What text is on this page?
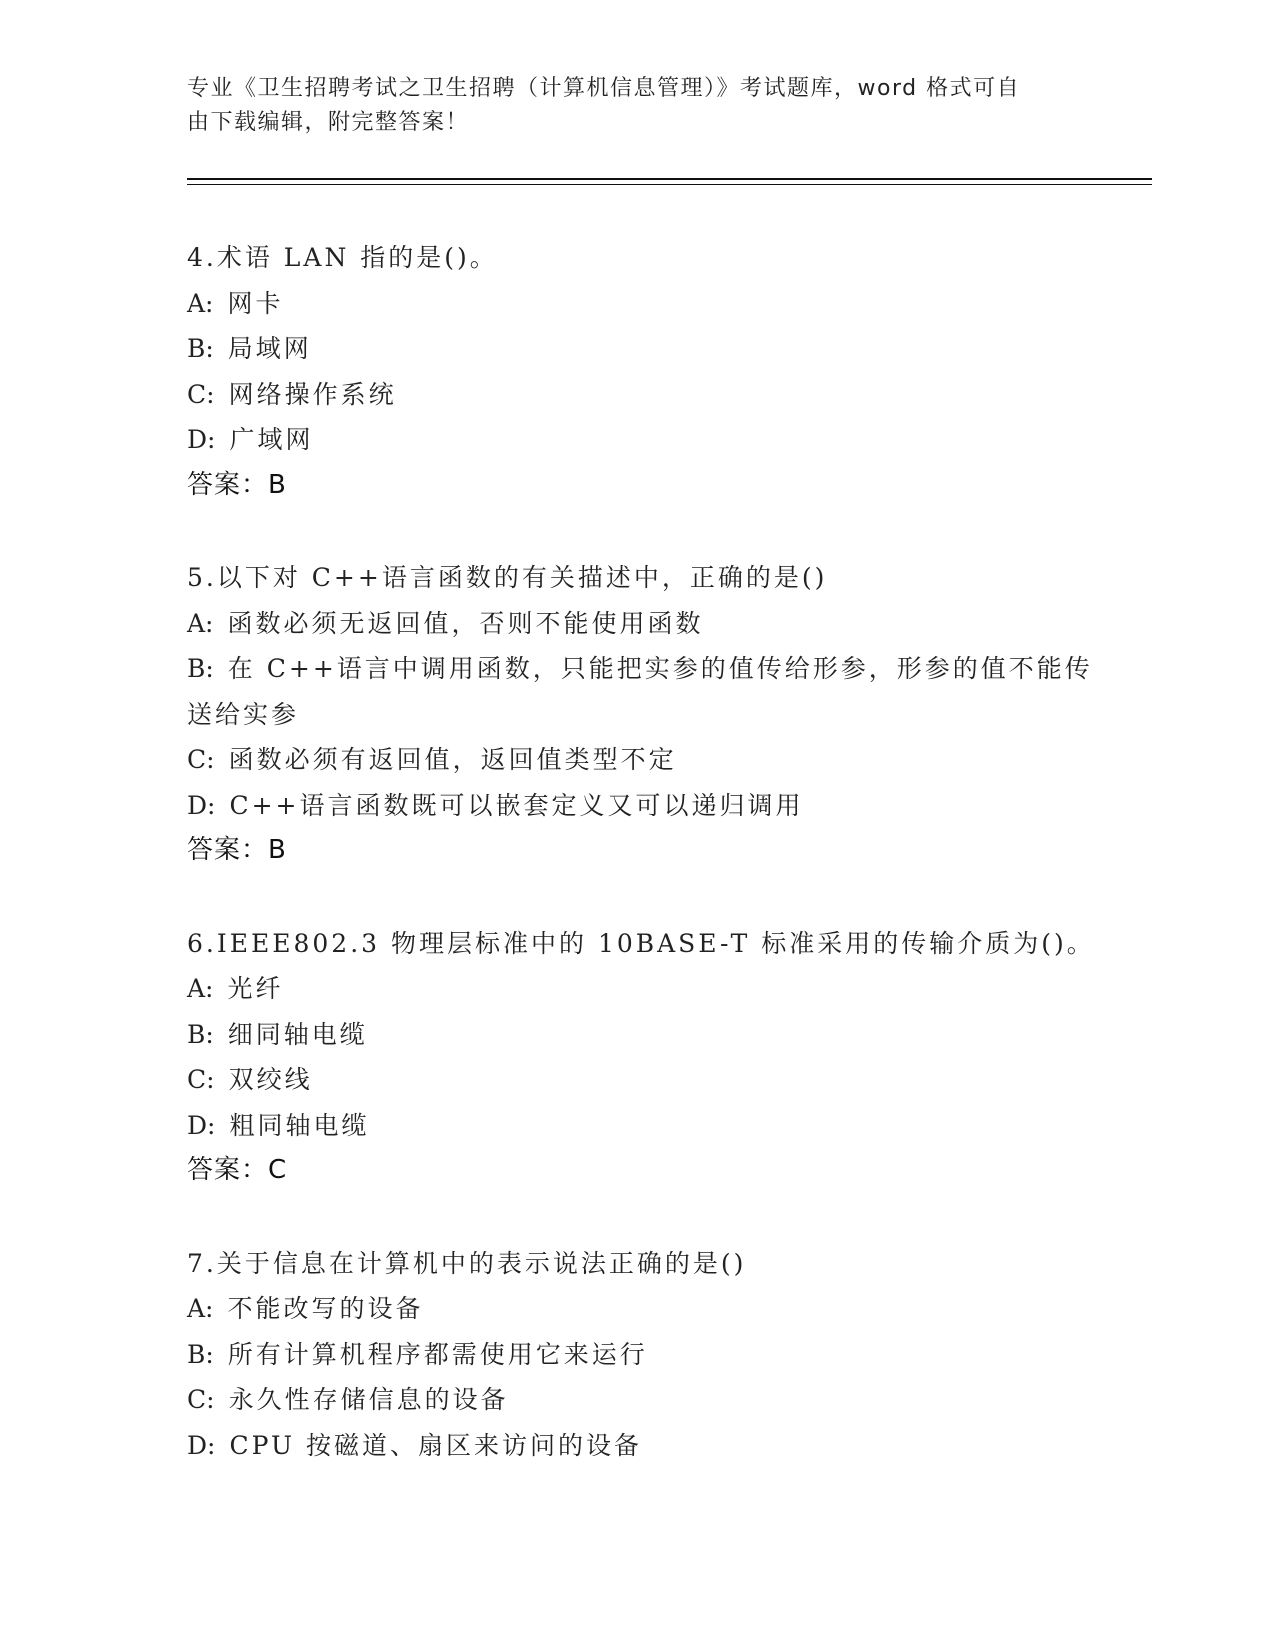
专业《卫生招聘考试之卫生招聘（计算机信息管理）》考试题库，word 格式可自
由下载编辑，附完整答案！
4.术语 LAN 指的是()。
A: 网卡
B: 局域网
C: 网络操作系统
D: 广域网
答案：B
5.以下对 C++语言函数的有关描述中，正确的是()
A: 函数必须无返回值，否则不能使用函数
B: 在 C++语言中调用函数，只能把实参的值传给形参，形参的值不能传送给实参
C: 函数必须有返回值，返回值类型不定
D: C++语言函数既可以嵌套定义又可以递归调用
答案：B
6.IEEE802.3 物理层标准中的 10BASE-T 标准采用的传输介质为()。
A: 光纤
B: 细同轴电缆
C: 双绞线
D: 粗同轴电缆
答案：C
7.关于信息在计算机中的表示说法正确的是()
A: 不能改写的设备
B: 所有计算机程序都需使用它来运行
C: 永久性存储信息的设备
D: CPU 按磁道、扇区来访问的设备
